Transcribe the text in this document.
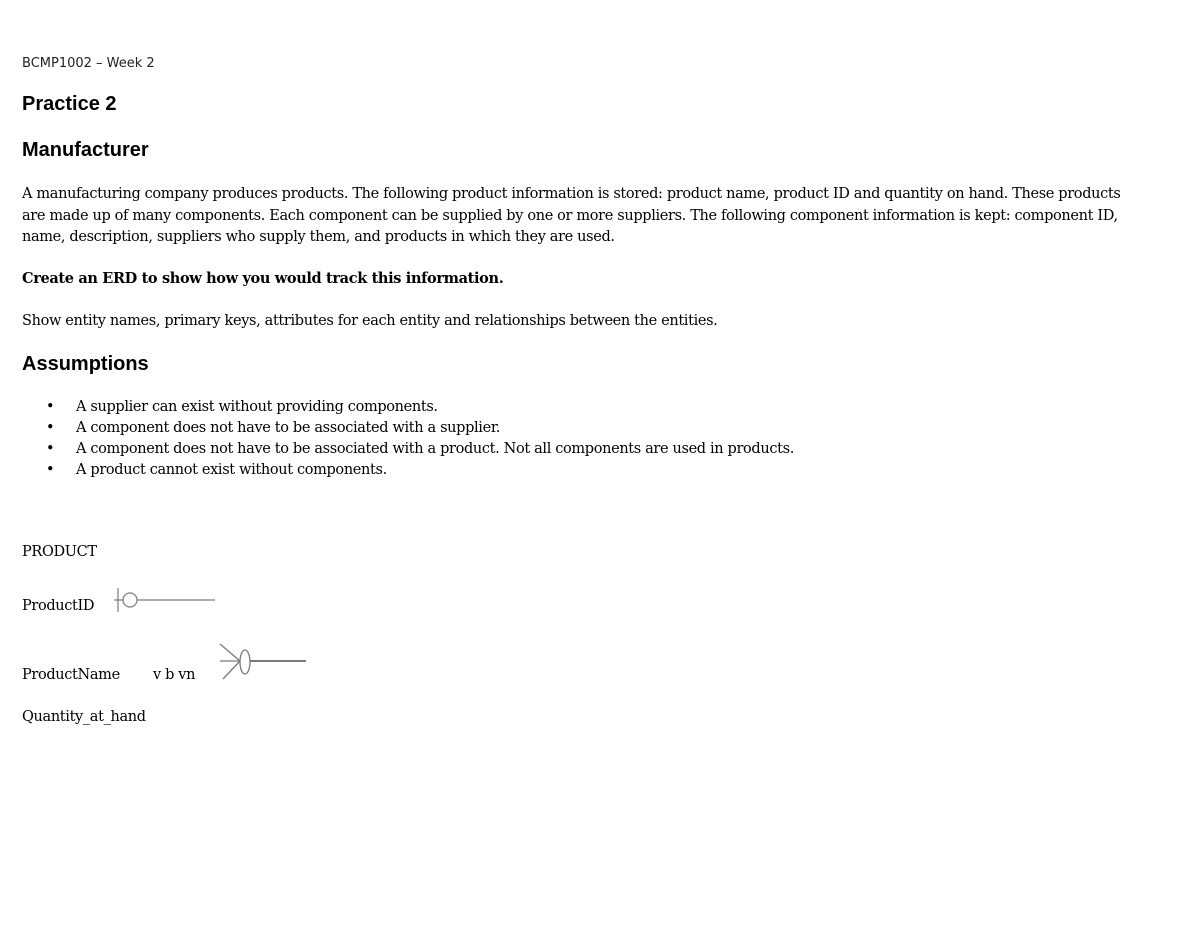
BCMP1002 – Week 2
Practice 2
Manufacturer
A manufacturing company produces products. The following product information is stored: product name, product ID and quantity on hand. These products
are made up of many components. Each component can be supplied by one or more suppliers. The following component information is kept: component ID,
name, description, suppliers who supply them, and products in which they are used.
Create an ERD to show how you would track this information.
Show entity names, primary keys, attributes for each entity and relationships between the entities.
Assumptions
• A supplier can exist without providing components.
• A component does not have to be associated with a supplier.
• A component does not have to be associated with a product. Not all components are used in products.
• A product cannot exist without components.
PRODUCT
ProductID
ProductName v b vn
Quantity_at_hand
